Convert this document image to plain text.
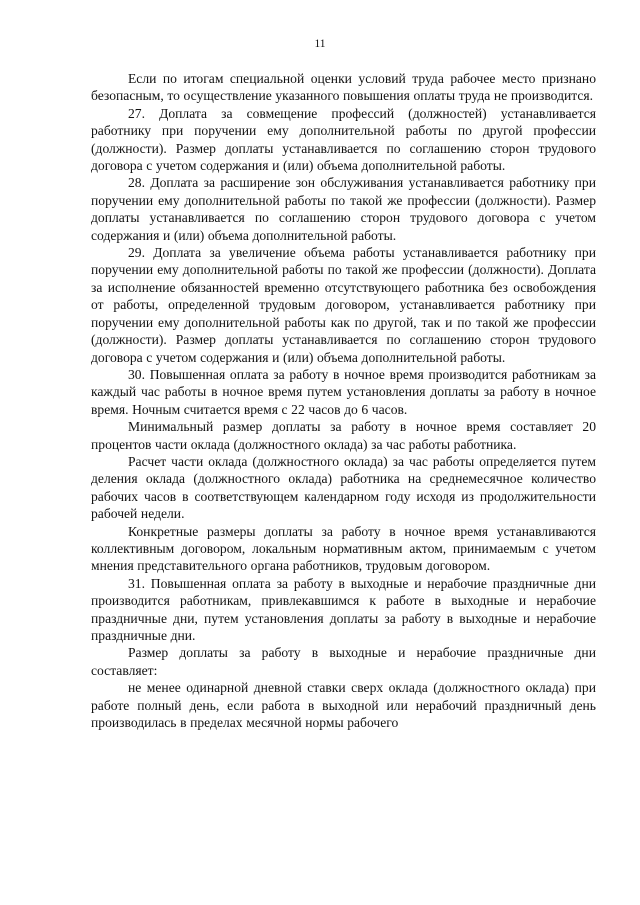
11

Если по итогам специальной оценки условий труда рабочее место признано безопасным, то осуществление указанного повышения оплаты труда не производится.

27. Доплата за совмещение профессий (должностей) устанавливается работнику при поручении ему дополнительной работы по другой профессии (должности). Размер доплаты устанавливается по соглашению сторон трудового договора с учетом содержания и (или) объема дополнительной работы.

28. Доплата за расширение зон обслуживания устанавливается работнику при поручении ему дополнительной работы по такой же профессии (должности). Размер доплаты устанавливается по соглашению сторон трудового договора с учетом содержания и (или) объема дополнительной работы.

29. Доплата за увеличение объема работы устанавливается работнику при поручении ему дополнительной работы по такой же профессии (должности). Доплата за исполнение обязанностей временно отсутствующего работника без освобождения от работы, определенной трудовым договором, устанавливается работнику при поручении ему дополнительной работы как по другой, так и по такой же профессии (должности). Размер доплаты устанавливается по соглашению сторон трудового договора с учетом содержания и (или) объема дополнительной работы.

30. Повышенная оплата за работу в ночное время производится работникам за каждый час работы в ночное время путем установления доплаты за работу в ночное время. Ночным считается время с 22 часов до 6 часов.

Минимальный размер доплаты за работу в ночное время составляет 20 процентов части оклада (должностного оклада) за час работы работника.

Расчет части оклада (должностного оклада) за час работы определяется путем деления оклада (должностного оклада) работника на среднемесячное количество рабочих часов в соответствующем календарном году исходя из продолжительности рабочей недели.

Конкретные размеры доплаты за работу в ночное время устанавливаются коллективным договором, локальным нормативным актом, принимаемым с учетом мнения представительного органа работников, трудовым договором.

31. Повышенная оплата за работу в выходные и нерабочие праздничные дни производится работникам, привлекавшимся к работе в выходные и нерабочие праздничные дни, путем установления доплаты за работу в выходные и нерабочие праздничные дни.

Размер доплаты за работу в выходные и нерабочие праздничные дни составляет:

не менее одинарной дневной ставки сверх оклада (должностного оклада) при работе полный день, если работа в выходной или нерабочий праздничный день производилась в пределах месячной нормы рабочего
